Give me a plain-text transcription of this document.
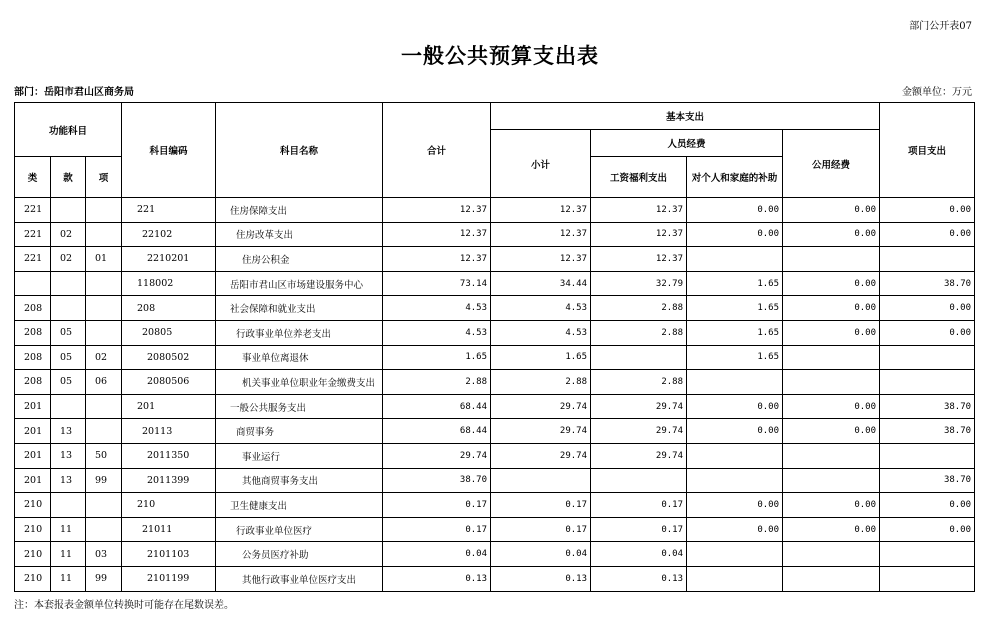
部门公开表07
一般公共预算支出表
部门：岳阳市君山区商务局	金额单位：万元
功能科目			科目编码	科目名称	合计	基本支出				项目支出
						小计	人员经费		公用经费	
类	款	项					工资福利支出	对个人和家庭的补助		
221			221	住房保障支出	12.37	12.37	12.37	0.00	0.00	0.00
221	02		22102	住房改革支出	12.37	12.37	12.37	0.00	0.00	0.00
221	02	01	2210201	住房公积金	12.37	12.37	12.37			
			118002	岳阳市君山区市场建设服务中心	73.14	34.44	32.79	1.65	0.00	38.70
208			208	社会保障和就业支出	4.53	4.53	2.88	1.65	0.00	0.00
208	05		20805	行政事业单位养老支出	4.53	4.53	2.88	1.65	0.00	0.00
208	05	02	2080502	事业单位离退休	1.65	1.65		1.65		
208	05	06	2080506	机关事业单位职业年金缴费支出	2.88	2.88	2.88			
201			201	一般公共服务支出	68.44	29.74	29.74	0.00	0.00	38.70
201	13		20113	商贸事务	68.44	29.74	29.74	0.00	0.00	38.70
201	13	50	2011350	事业运行	29.74	29.74	29.74			
201	13	99	2011399	其他商贸事务支出	38.70					38.70
210			210	卫生健康支出	0.17	0.17	0.17	0.00	0.00	0.00
210	11		21011	行政事业单位医疗	0.17	0.17	0.17	0.00	0.00	0.00
210	11	03	2101103	公务员医疗补助	0.04	0.04	0.04			
210	11	99	2101199	其他行政事业单位医疗支出	0.13	0.13	0.13			
注：本套报表金额单位转换时可能存在尾数误差。
